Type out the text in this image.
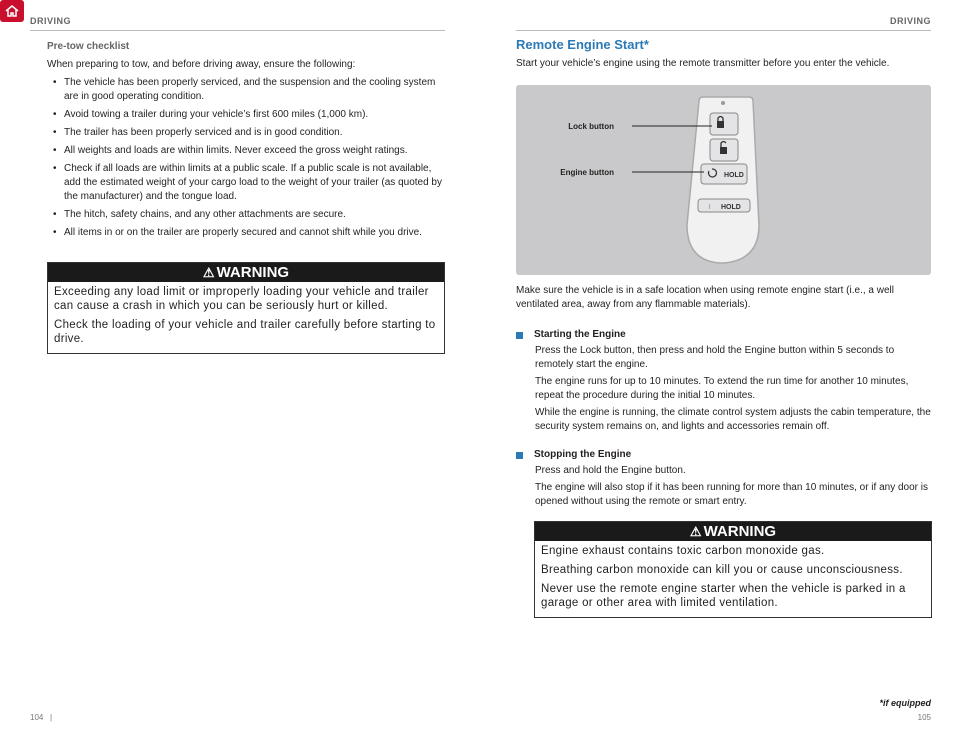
DRIVING	DRIVING
Pre-tow checklist
When preparing to tow, and before driving away, ensure the following:
• The vehicle has been properly serviced, and the suspension and the cooling system are in good operating condition.
• Avoid towing a trailer during your vehicle’s first 600 miles (1,000 km).
• The trailer has been properly serviced and is in good condition.
• All weights and loads are within limits. Never exceed the gross weight ratings.
• Check if all loads are within limits at a public scale. If a public scale is not available, add the estimated weight of your cargo load to the weight of your trailer (as quoted by the manufacturer) and the tongue load.
• The hitch, safety chains, and any other attachments are secure.
• All items in or on the trailer are properly secured and cannot shift while you drive.
⚠ WARNING

Exceeding any load limit or improperly loading your vehicle and trailer can cause a crash in which you can be seriously hurt or killed.

Check the loading of your vehicle and trailer carefully before starting to drive.

Remote Engine Start*
Start your vehicle’s engine using the remote transmitter before you enter the vehicle.
HOLD
⦚ HOLD
Lock button
Engine button
Make sure the vehicle is in a safe location when using remote engine start (i.e., a well ventilated area, away from any flammable materials).
Starting the Engine

Press the Lock button, then press and hold the Engine button within 5 seconds to remotely start the engine.

The engine runs for up to 10 minutes. To extend the run time for another 10 minutes, repeat the procedure during the initial 10 minutes.

While the engine is running, the climate control system adjusts the cabin temperature, the security system remains on, and lights and accessories remain off.

Stopping the Engine

Press and hold the Engine button.

The engine will also stop if it has been running for more than 10 minutes, or if any door is opened without using the remote or smart entry.

⚠ WARNING

Engine exhaust contains toxic carbon monoxide gas.

Breathing carbon monoxide can kill you or cause unconsciousness.

Never use the remote engine starter when the vehicle is parked in a garage or other area with limited ventilation.

*if equipped
104 |	105
